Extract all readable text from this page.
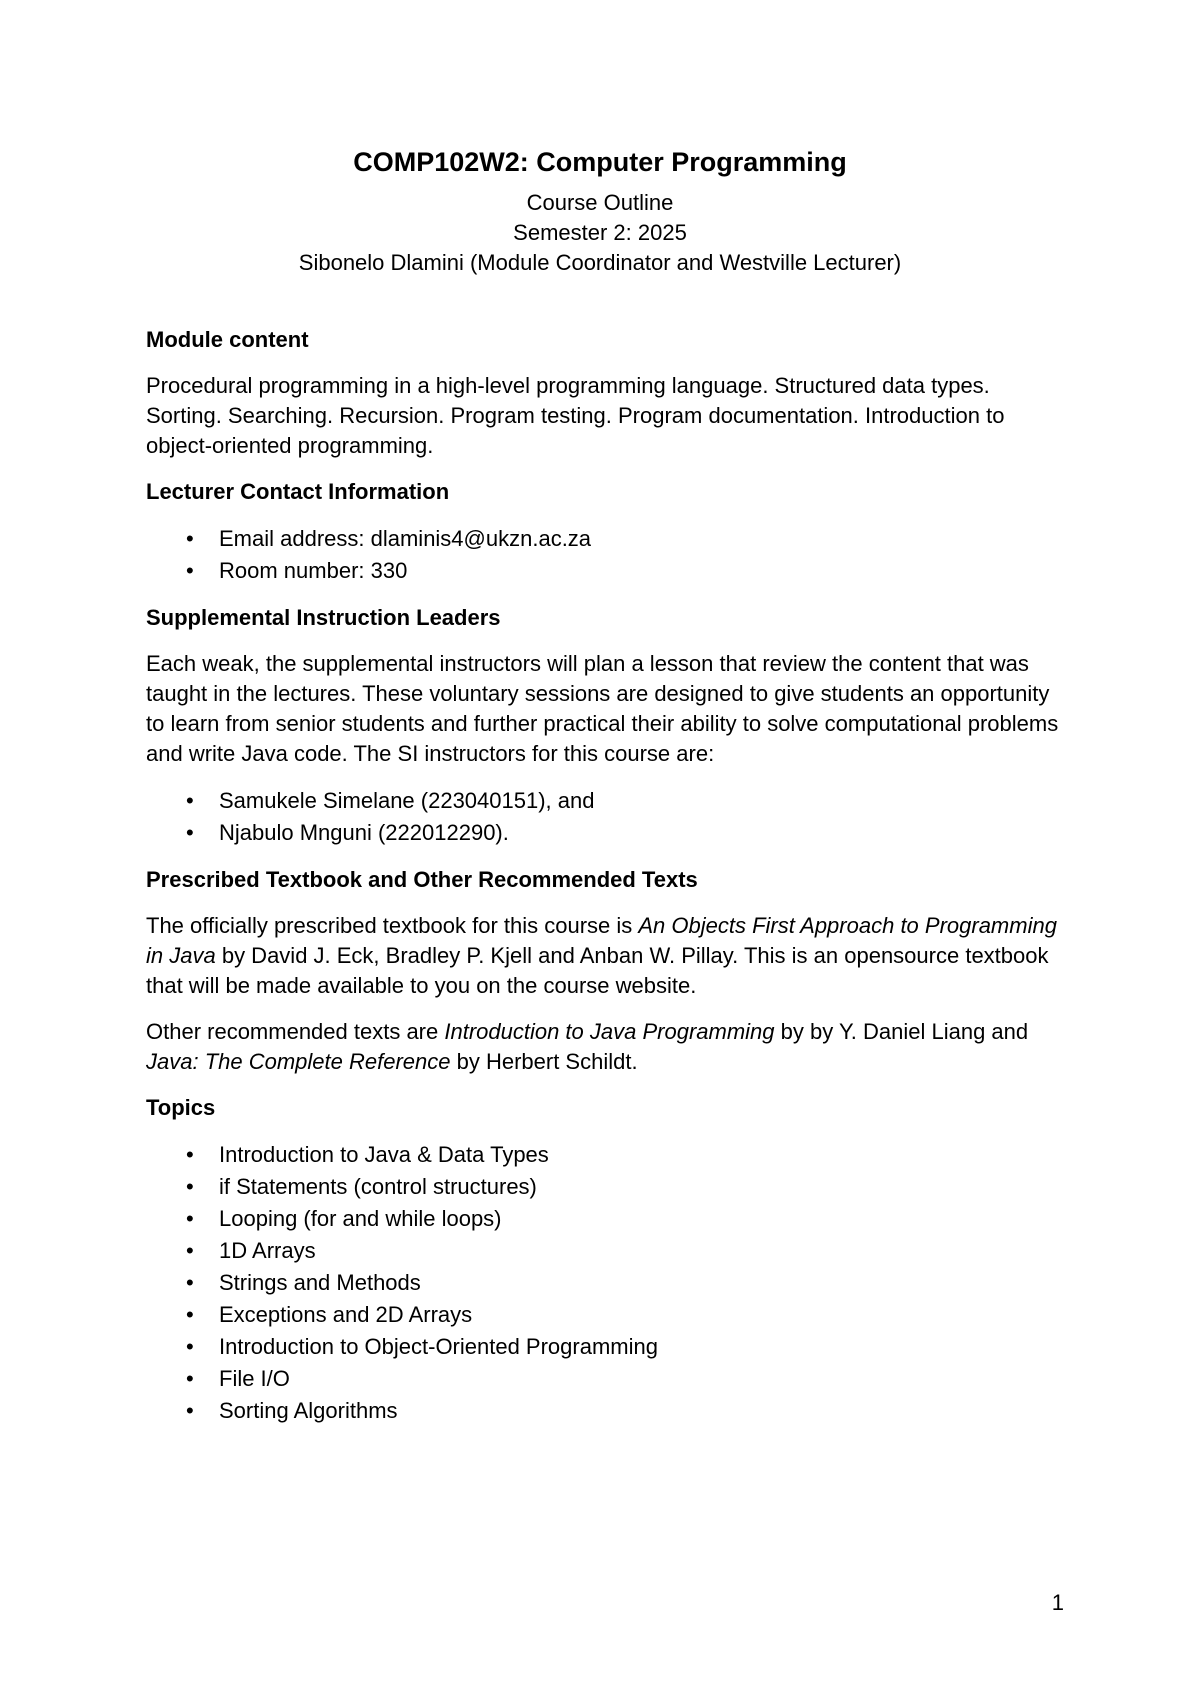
COMP102W2: Computer Programming
Course Outline
Semester 2: 2025
Sibonelo Dlamini (Module Coordinator and Westville Lecturer)
Module content

Procedural programming in a high-level programming language. Structured data types. Sorting. Searching. Recursion. Program testing. Program documentation. Introduction to object-oriented programming.

Lecturer Contact Information
• Email address: dlaminis4@ukzn.ac.za
• Room number: 330
Supplemental Instruction Leaders

Each weak, the supplemental instructors will plan a lesson that review the content that was taught in the lectures. These voluntary sessions are designed to give students an opportunity to learn from senior students and further practical their ability to solve computational problems and write Java code. The SI instructors for this course are:

• Samukele Simelane (223040151), and
• Njabulo Mnguni (222012290).
Prescribed Textbook and Other Recommended Texts

The officially prescribed textbook for this course is An Objects First Approach to Programming in Java by David J. Eck, Bradley P. Kjell and Anban W. Pillay. This is an opensource textbook that will be made available to you on the course website.

Other recommended texts are Introduction to Java Programming by by Y. Daniel Liang and Java: The Complete Reference by Herbert Schildt.

Topics
• Introduction to Java & Data Types
• if Statements (control structures)
• Looping (for and while loops)
• 1D Arrays
• Strings and Methods
• Exceptions and 2D Arrays
• Introduction to Object-Oriented Programming
• File I/O
• Sorting Algorithms
1
